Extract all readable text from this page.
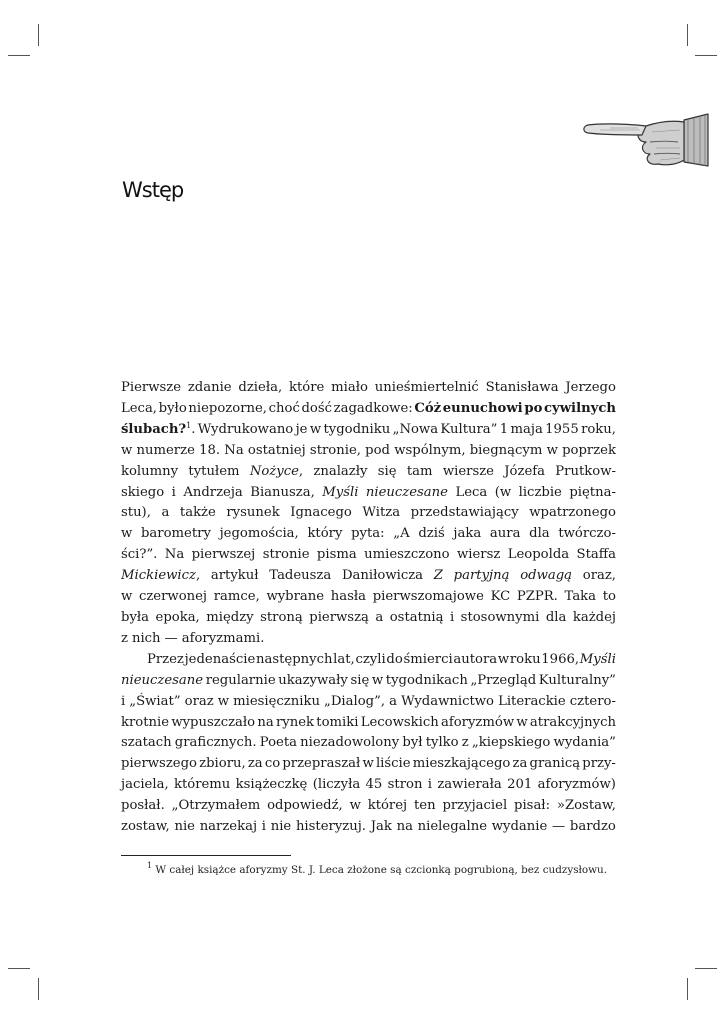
Wstęp
Pierwsze zdanie dzieła, które miało unieśmiertelnić Stanisława Jerzego
Leca, było niepozorne, choć dość zagadkowe: Cóż eunuchowi po cywilnych
ślubach?$^1$. Wydrukowano je w tygodniku „Nowa Kultura” 1 maja 1955 roku,
w numerze 18. Na ostatniej stronie, pod wspólnym, biegnącym w poprzek
kolumny tytułem Nożyce, znalazły się tam wiersze Józefa Prutkow-
skiego i Andrzeja Bianusza, Myśli nieuczesane Leca (w liczbie piętna-
stu), a także rysunek Ignacego Witza przedstawiający wpatrzonego
w barometry jegomościa, który pyta: „A dziś jaka aura dla twórczo-
ści?”. Na pierwszej stronie pisma umieszczono wiersz Leopolda Staffa
Mickiewicz, artykuł Tadeusza Daniłowicza Z partyjną odwagą oraz,
w czerwonej ramce, wybrane hasła pierwszomajowe KC PZPR. Taka to
była epoka, między stroną pierwszą a ostatnią i stosownymi dla każdej
z nich — aforyzmami.
Przez jedenaście następnych lat, czyli do śmierci autora w roku 1966, Myśli
nieuczesane regularnie ukazywały się w tygodnikach „Przegląd Kulturalny”
i „Świat” oraz w miesięczniku „Dialog”, a Wydawnictwo Literackie cztero-
krotnie wypuszczało na rynek tomiki Lecowskich aforyzmów w atrakcyjnych
szatach graficznych. Poeta niezadowolony był tylko z „kiepskiego wydania”
pierwszego zbioru, za co przepraszał w liście mieszkającego za granicą przy-
jaciela, któremu książeczkę (liczyła 45 stron i zawierała 201 aforyzmów)
posłał. „Otrzymałem odpowiedź, w której ten przyjaciel pisał: »Zostaw,
zostaw, nie narzekaj i nie histeryzuj. Jak na nielegalne wydanie — bardzo
$^1$ W całej książce aforyzmy St. J. Leca złożone są czcionką pogrubioną, bez cudzysłowu.
